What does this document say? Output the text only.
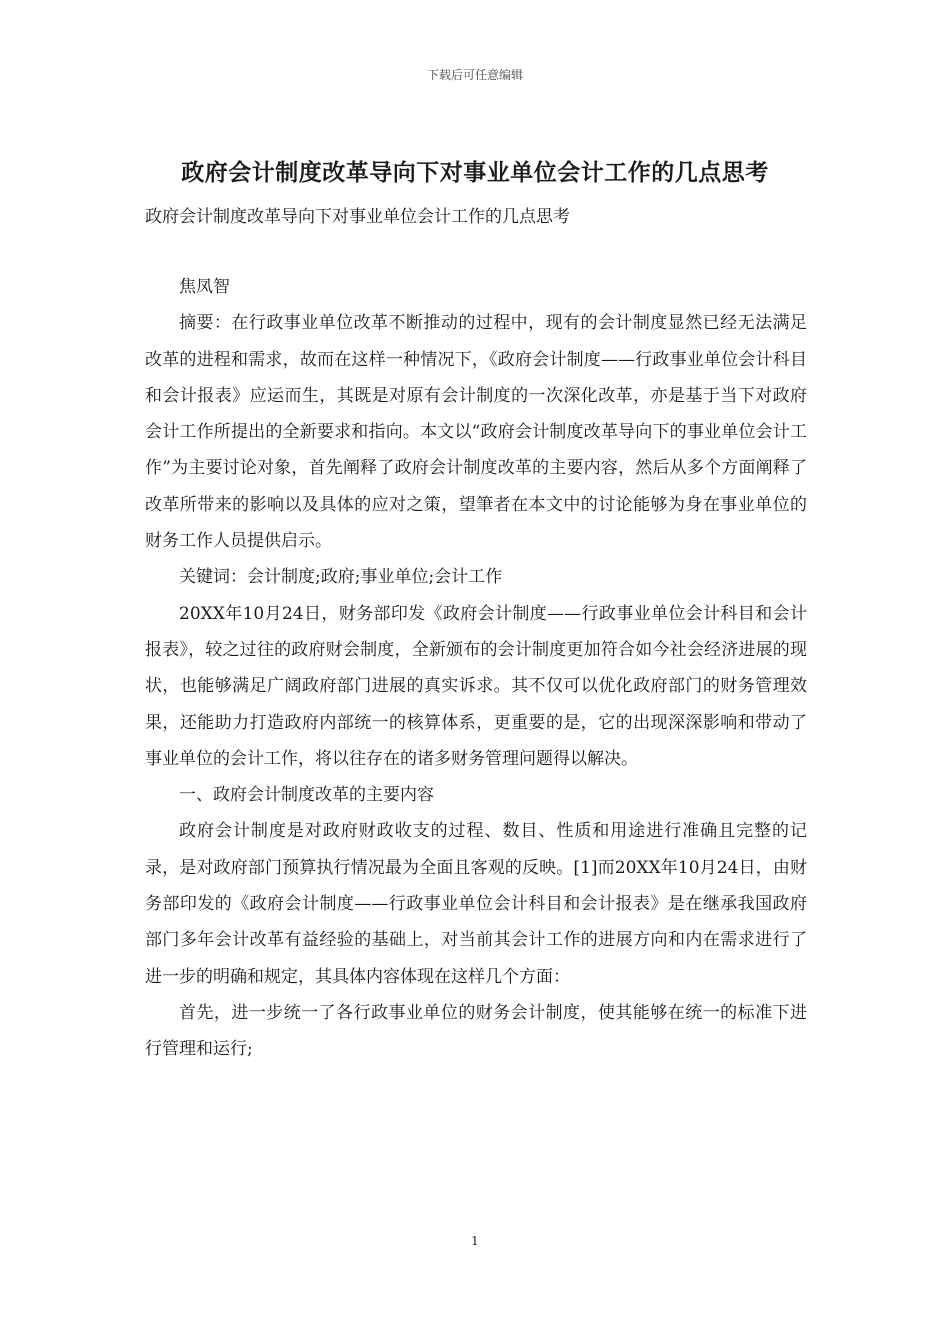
下载后可任意编辑
政府会计制度改革导向下对事业单位会计工作的几点思考
政府会计制度改革导向下对事业单位会计工作的几点思考

焦凤智

摘要：在行政事业单位改革不断推动的过程中，现有的会计制度显然已经无法满足改革的进程和需求，故而在这样一种情况下，《政府会计制度——行政事业单位会计科目和会计报表》应运而生，其既是对原有会计制度的一次深化改革，亦是基于当下对政府会计工作所提出的全新要求和指向。本文以“政府会计制度改革导向下的事业单位会计工作”为主要讨论对象，首先阐释了政府会计制度改革的主要内容，然后从多个方面阐释了改革所带来的影响以及具体的应对之策，望筆者在本文中的讨论能够为身在事业单位的财务工作人员提供启示。

关键词：会计制度;政府;事业单位;会计工作

20XX年10月24日，财务部印发《政府会计制度——行政事业单位会计科目和会计报表》，较之过往的政府财会制度，全新颁布的会计制度更加符合如今社会经济进展的现状，也能够满足广阔政府部门进展的真实诉求。其不仅可以优化政府部门的财务管理效果，还能助力打造政府内部统一的核算体系，更重要的是，它的出现深深影响和带动了事业单位的会计工作，将以往存在的诸多财务管理问题得以解决。

一、政府会计制度改革的主要内容

政府会计制度是对政府财政收支的过程、数目、性质和用途进行准确且完整的记录，是对政府部门预算执行情况最为全面且客观的反映。[1]而20XX年10月24日，由财务部印发的《政府会计制度——行政事业单位会计科目和会计报表》是在继承我国政府部门多年会计改革有益经验的基础上，对当前其会计工作的进展方向和内在需求进行了进一步的明确和规定，其具体内容体现在这样几个方面：

首先，进一步统一了各行政事业单位的财务会计制度，使其能够在统一的标准下进行管理和运行;

1
